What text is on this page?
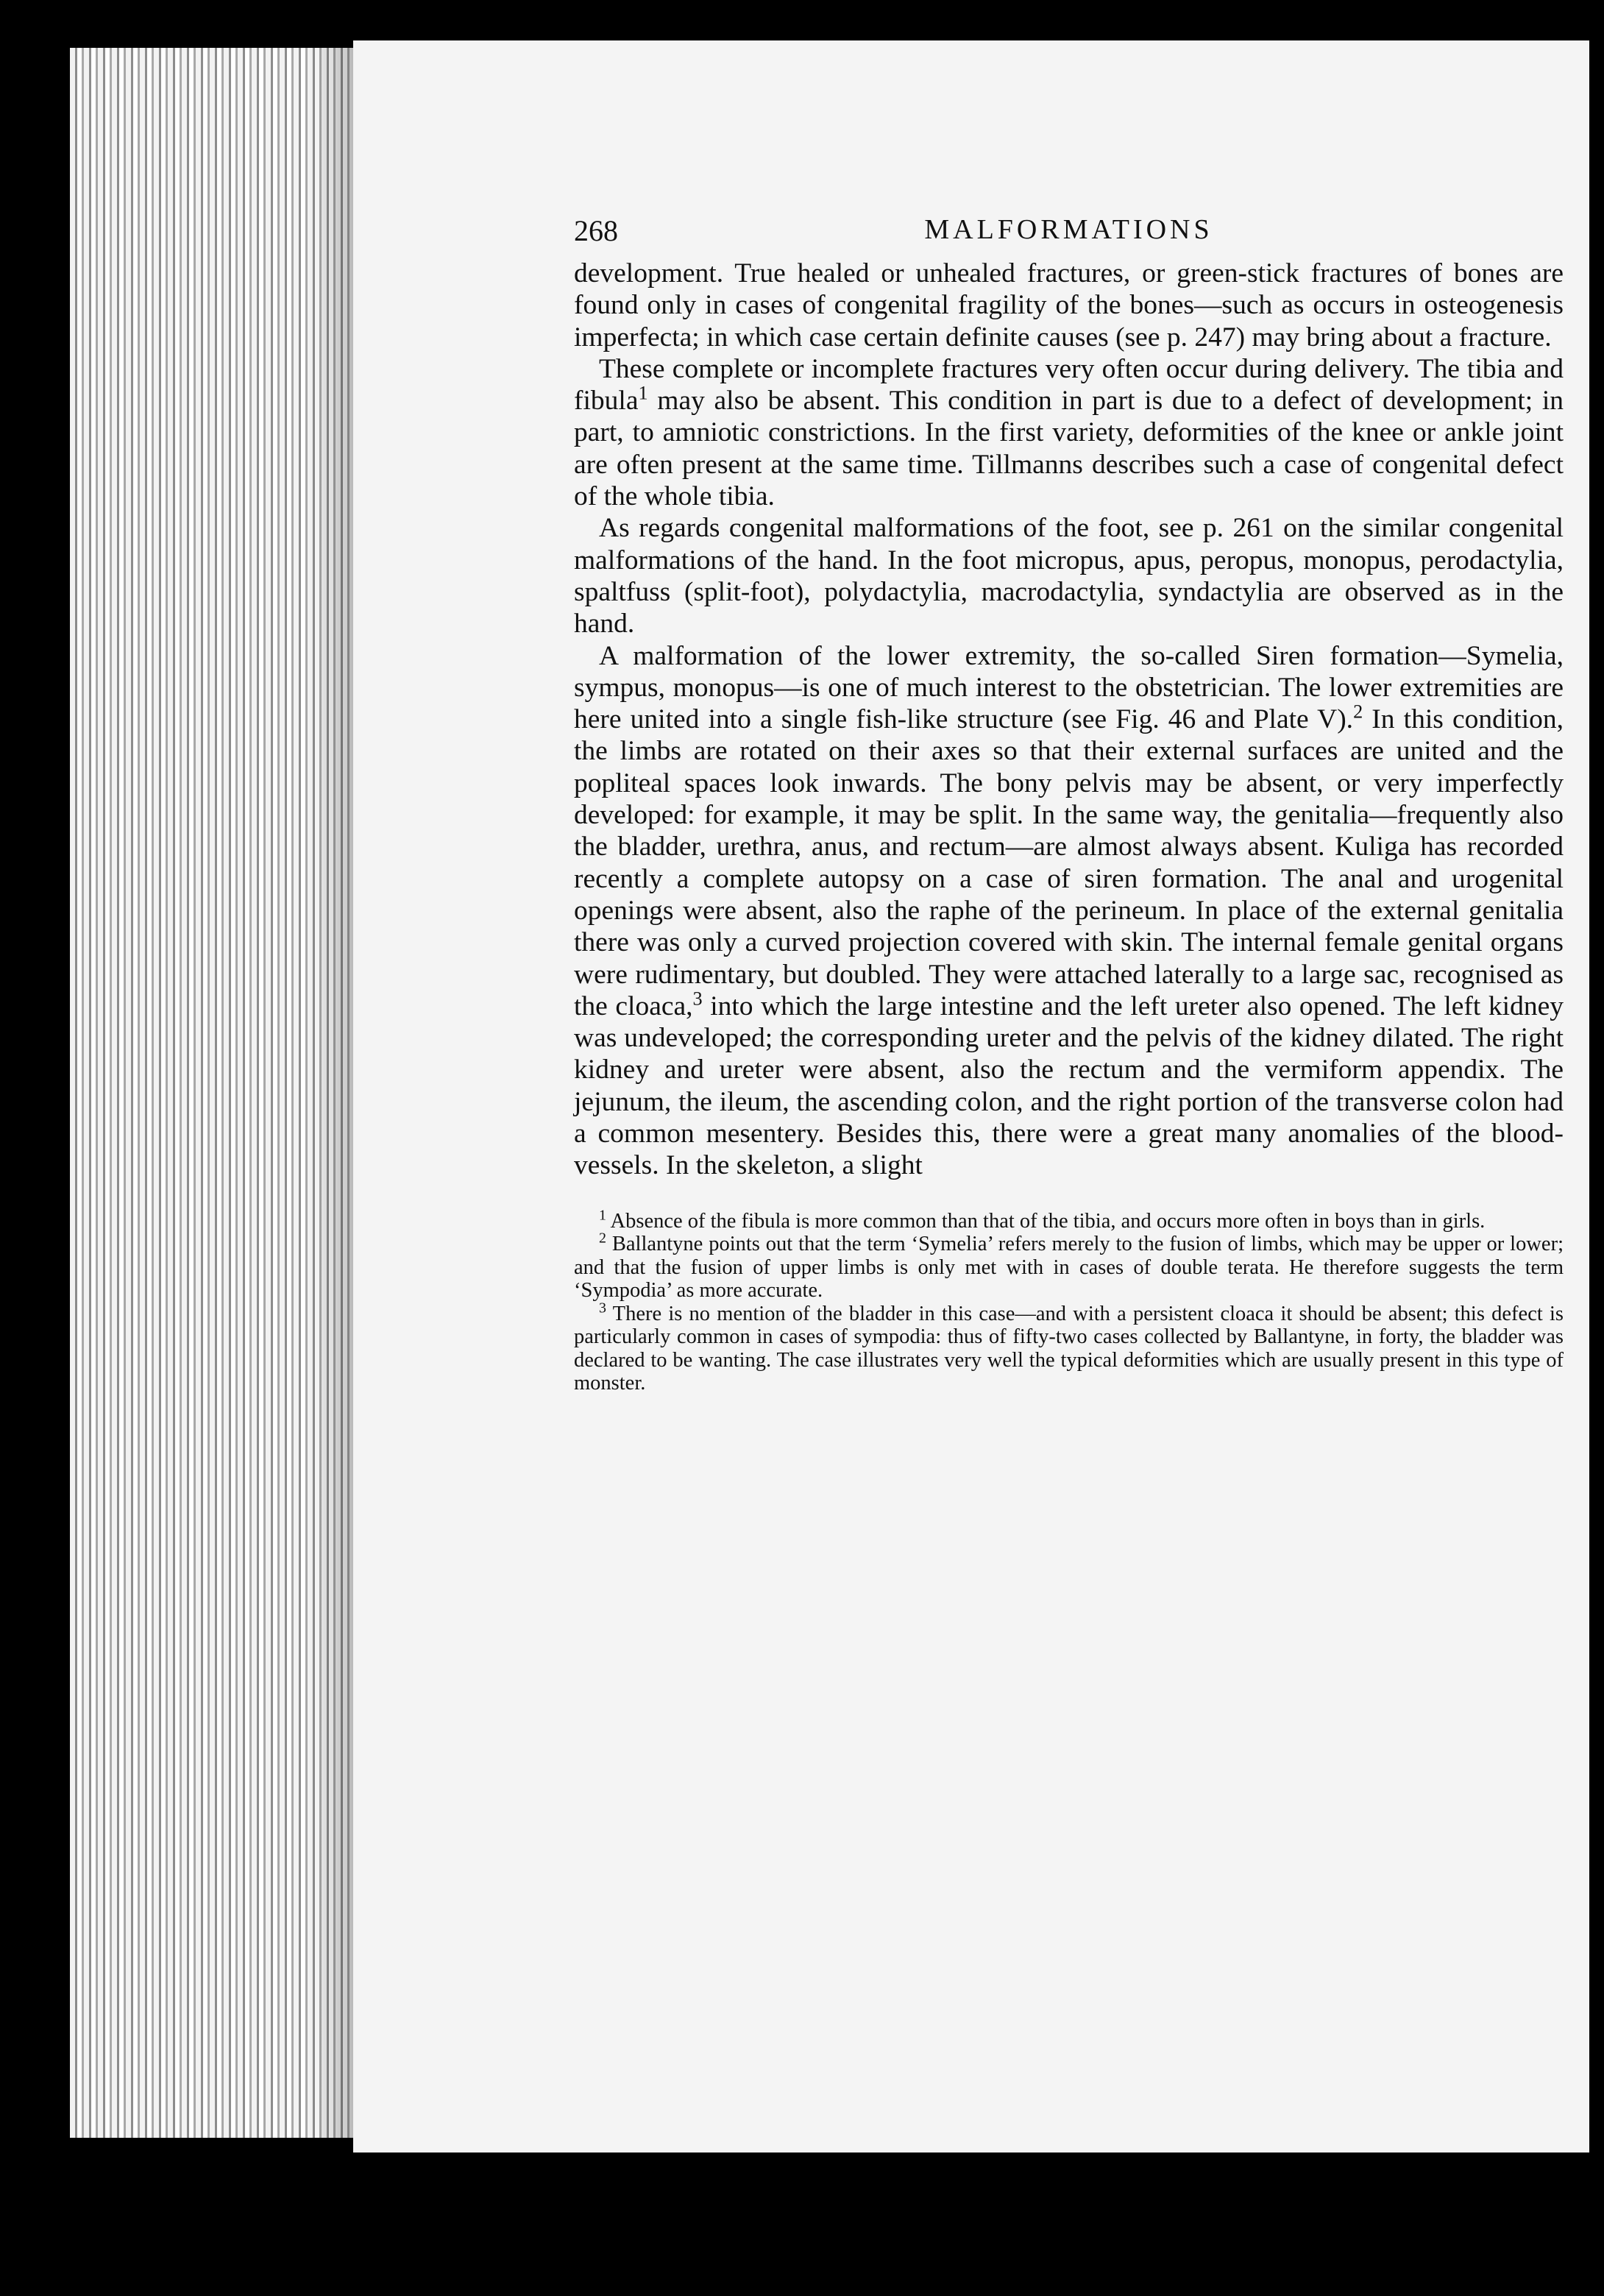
268	MALFORMATIONS

development. True healed or unhealed fractures, or green-stick fractures of bones are found only in cases of congenital fragility of the bones—such as occurs in osteogenesis imperfecta; in which case certain definite causes (see p. 247) may bring about a fracture.

These complete or incomplete fractures very often occur during delivery. The tibia and fibula$^1$ may also be absent. This condition in part is due to a defect of development; in part, to amniotic constrictions. In the first variety, deformities of the knee or ankle joint are often present at the same time. Tillmanns describes such a case of congenital defect of the whole tibia.

As regards congenital malformations of the foot, see p. 261 on the similar congenital malformations of the hand. In the foot micropus, apus, peropus, monopus, perodactylia, spaltfuss (split-foot), polydactylia, macrodactylia, syndactylia are observed as in the hand.

A malformation of the lower extremity, the so-called Siren formation—Symelia, sympus, monopus—is one of much interest to the obstetrician. The lower extremities are here united into a single fish-like structure (see Fig. 46 and Plate V).$^2$ In this condition, the limbs are rotated on their axes so that their external surfaces are united and the popliteal spaces look inwards. The bony pelvis may be absent, or very imperfectly developed: for example, it may be split. In the same way, the genitalia—frequently also the bladder, urethra, anus, and rectum—are almost always absent. Kuliga has recorded recently a complete autopsy on a case of siren formation. The anal and urogenital openings were absent, also the raphe of the perineum. In place of the external genitalia there was only a curved projection covered with skin. The internal female genital organs were rudimentary, but doubled. They were attached laterally to a large sac, recognised as the cloaca,$^3$ into which the large intestine and the left ureter also opened. The left kidney was undeveloped; the corresponding ureter and the pelvis of the kidney dilated. The right kidney and ureter were absent, also the rectum and the vermiform appendix. The jejunum, the ileum, the ascending colon, and the right portion of the transverse colon had a common mesentery. Besides this, there were a great many anomalies of the blood-vessels. In the skeleton, a slight

$^1$ Absence of the fibula is more common than that of the tibia, and occurs more often in boys than in girls.

$^2$ Ballantyne points out that the term ‘Symelia’ refers merely to the fusion of limbs, which may be upper or lower; and that the fusion of upper limbs is only met with in cases of double terata. He therefore suggests the term ‘Sympodia’ as more accurate.

$^3$ There is no mention of the bladder in this case—and with a persistent cloaca it should be absent; this defect is particularly common in cases of sympodia: thus of fifty-two cases collected by Ballantyne, in forty, the bladder was declared to be wanting. The case illustrates very well the typical deformities which are usually present in this type of monster.
